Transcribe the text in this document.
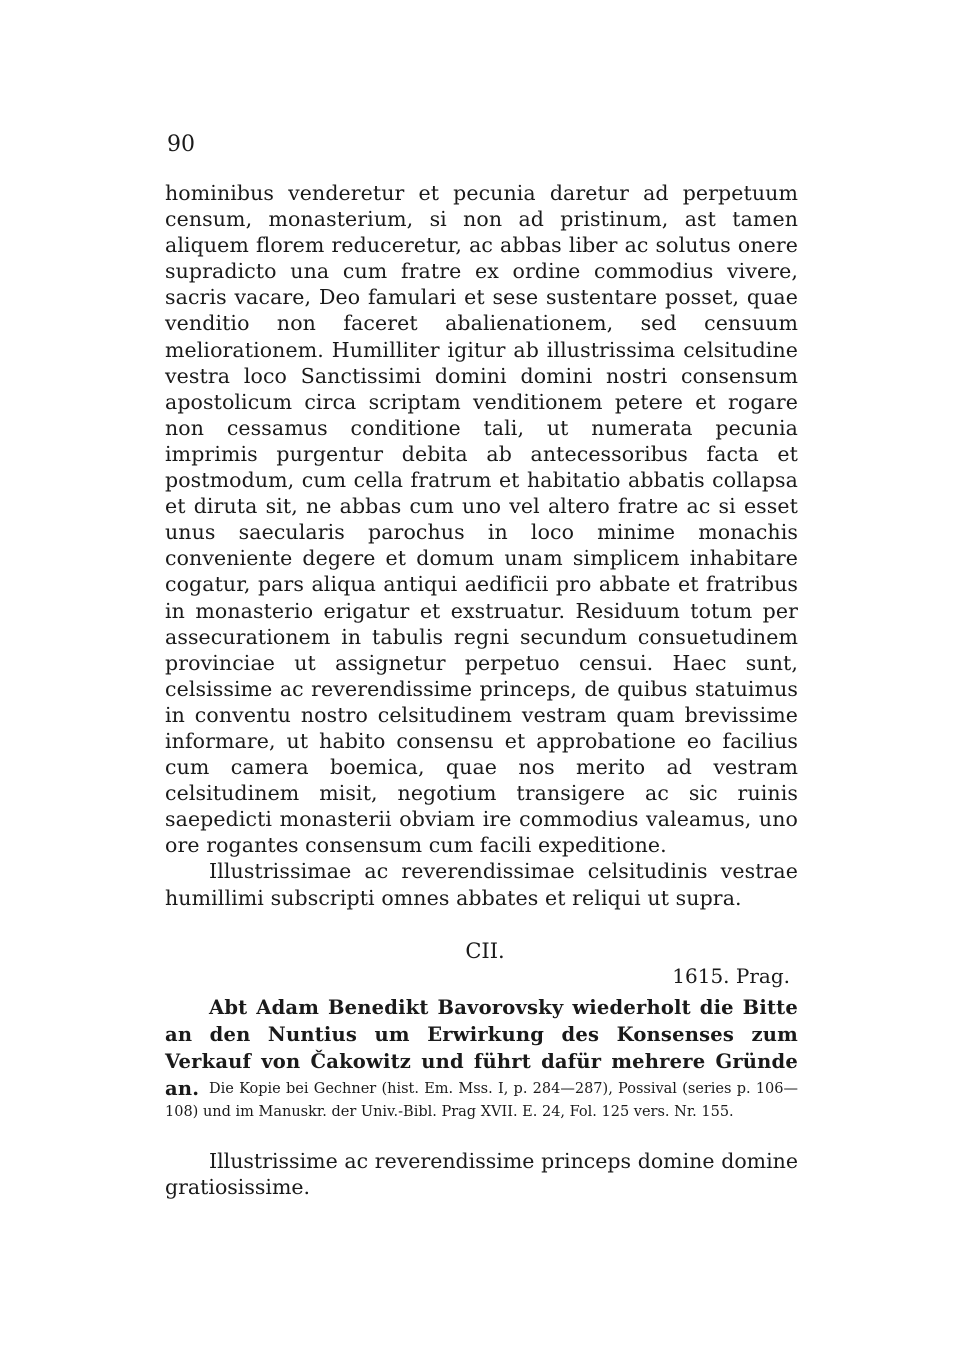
90

hominibus venderetur et pecunia daretur ad perpetuum censum, monasterium, si non ad pristinum, ast tamen aliquem florem reduceretur, ac abbas liber ac solutus onere supradicto una cum fratre ex ordine commodius vivere, sacris vacare, Deo famulari et sese sustentare posset, quae venditio non faceret abalienationem, sed censuum meliorationem. Humilliter igitur ab illustrissima celsitudine vestra loco Sanctissimi domini domini nostri consensum apostolicum circa scriptam venditionem petere et rogare non cessamus conditione tali, ut numerata pecunia imprimis purgentur debita ab antecessoribus facta et postmodum, cum cella fratrum et habitatio abbatis collapsa et diruta sit, ne abbas cum uno vel altero fratre ac si esset unus saecularis parochus in loco minime monachis conveniente degere et domum unam simplicem inhabitare cogatur, pars aliqua antiqui aedificii pro abbate et fratribus in monasterio erigatur et exstruatur. Residuum totum per assecurationem in tabulis regni secundum consuetudinem provinciae ut assignetur perpetuo censui. Haec sunt, celsissime ac reverendissime princeps, de quibus statuimus in conventu nostro celsitudinem vestram quam brevissime informare, ut habito consensu et approbatione eo facilius cum camera boemica, quae nos merito ad vestram celsitudinem misit, negotium transigere ac sic ruinis saepedicti monasterii obviam ire commodius valeamus, uno ore rogantes consensum cum facili expeditione.

Illustrissimae ac reverendissimae celsitudinis vestrae humillimi subscripti omnes abbates et reliqui ut supra.

CII.
1615. Prag.
Abt Adam Benedikt Bavorovsky wiederholt die Bitte an den Nuntius um Erwirkung des Konsenses zum Verkauf von Čakowitz und führt dafür mehrere Gründe an. Die Kopie bei Gechner (hist. Em. Mss. I, p. 284—287), Possival (series p. 106—108) und im Manuskr. der Univ.-Bibl. Prag XVII. E. 24, Fol. 125 vers. Nr. 155.
Illustrissime ac reverendissime princeps domine domine gratiosissime.
